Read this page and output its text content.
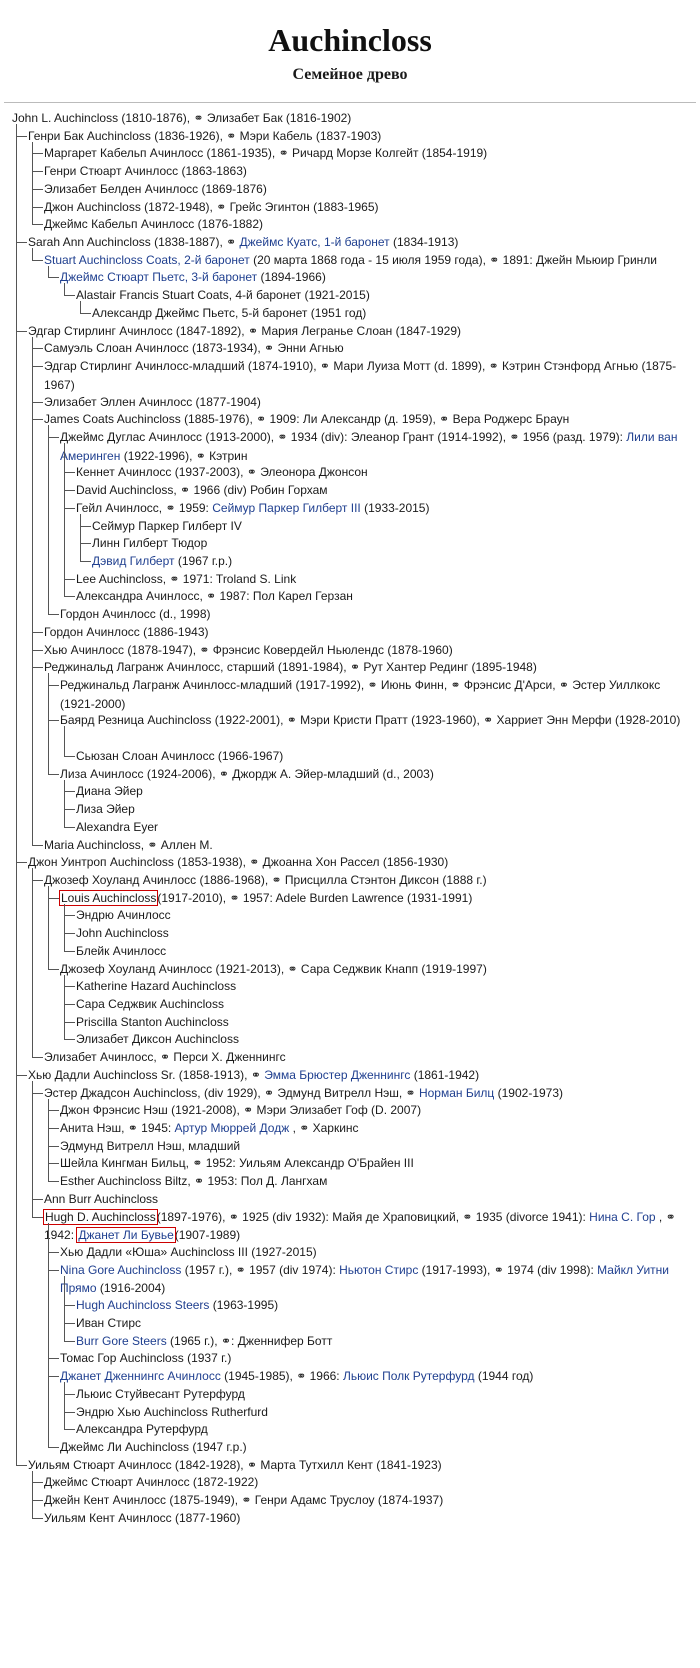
Auchincloss
Семейное древо
John L. Auchincloss (1810-1876), ⚭ Элизабет Бак (1816-1902)
Генри Бак Auchincloss (1836-1926), ⚭ Мэри Кабель (1837-1903)
Маргарет Кабельп Ачинлосс (1861-1935), ⚭ Ричард Морзе Колгейт (1854-1919)
Генри Стюарт Ачинлосс (1863-1863)
Элизабет Белден Ачинлосс (1869-1876)
Джон Auchincloss (1872-1948), ⚭ Грейс Эгинтон (1883-1965)
Джеймс Кабельп Ачинлосс (1876-1882)
Sarah Ann Auchincloss (1838-1887), ⚭ Джеймс Куатс, 1-й баронет (1834-1913)
Stuart Auchincloss Coats, 2-й баронет (20 марта 1868 года - 15 июля 1959 года), ⚭ 1891: Джейн Мьюир Гринли
Джеймс Стюарт Пьетс, 3-й баронет (1894-1966)
Alastair Francis Stuart Coats, 4-й баронет (1921-2015)
Александр Джеймс Пьетс, 5-й баронет (1951 год)
Эдгар Стирлинг Ачинлосс (1847-1892), ⚭ Мария Легранье Слоан (1847-1929)
Самуэль Слоан Ачинлосс (1873-1934), ⚭ Энни Агнью
Эдгар Стирлинг Ачинлосс-младший (1874-1910), ⚭ Мари Луиза Мотт (d. 1899), ⚭ Кэтрин Стэнфорд Агнью (1875-1967)
Элизабет Эллен Ачинлосс (1877-1904)
James Coats Auchincloss (1885-1976), ⚭ 1909: Ли Александр (д. 1959), ⚭ Вера Роджерс Браун
Джеймс Дуглас Ачинлосс (1913-2000), ⚭ 1934 (div): Элеанор Грант (1914-1992), ⚭ 1956 (разд. 1979): Лили ван Америнген (1922-1996), ⚭ Кэтрин
Кеннет Ачинлосс (1937-2003), ⚭ Элеонора Джонсон
David Auchincloss, ⚭ 1966 (div) Робин Горхам
Гейл Ачинлосс, ⚭ 1959: Сеймур Паркер Гилберт III (1933-2015)
Сеймур Паркер Гилберт IV
Линн Гилберт Тюдор
Дэвид Гилберт (1967 г.р.)
Lee Auchincloss, ⚭ 1971: Troland S. Link
Александра Ачинлосс, ⚭ 1987: Пол Карел Герзан
Гордон Ачинлосс (d., 1998)
Гордон Ачинлосс (1886-1943)
Хью Ачинлосс (1878-1947), ⚭ Фрэнсис Ковердейл Ньюлендс (1878-1960)
Реджинальд Лагранж Ачинлосс, старший (1891-1984), ⚭ Рут Хантер Рединг (1895-1948)
Реджинальд Лагранж Ачинлосс-младший (1917-1992), ⚭ Июнь Финн, ⚭ Фрэнсис Д'Арси, ⚭ Эстер Уиллкокс (1921-2000)
Баярд Резница Auchincloss (1922-2001), ⚭ Мэри Кристи Пратт (1923-1960), ⚭ Харриет Энн Мерфи (1928-2010)
Сьюзан Слоан Ачинлосс (1966-1967)
Лиза Ачинлосс (1924-2006), ⚭ Джордж А. Эйер-младший (d., 2003)
Диана Эйер
Лиза Эйер
Alexandra Eyer
Maria Auchincloss, ⚭ Аллен М.
Джон Уинтроп Auchincloss (1853-1938), ⚭ Джоанна Хон Рассел (1856-1930)
Джозеф Хоуланд Ачинлосс (1886-1968), ⚭ Присцилла Стэнтон Диксон (1888 г.)
Louis Auchincloss(1917-2010), ⚭ 1957: Adele Burden Lawrence (1931-1991)
Эндрю Ачинлосс
John Auchincloss
Блейк Ачинлосс
Джозеф Хоуланд Ачинлосс (1921-2013), ⚭ Сара Седжвик Кнапп (1919-1997)
Katherine Hazard Auchincloss
Сара Седжвик Auchincloss
Priscilla Stanton Auchincloss
Элизабет Диксон Auchincloss
Элизабет Ачинлосс, ⚭ Перси Х. Дженнингс
Хью Дадли Auchincloss Sr. (1858-1913), ⚭ Эмма Брюстер Дженнингс (1861-1942)
Эстер Джадсон Auchincloss, (div 1929), ⚭ Эдмунд Витрелл Нэш, ⚭ Норман Билц (1902-1973)
Джон Фрэнсис Нэш (1921-2008), ⚭ Мэри Элизабет Гоф (D. 2007)
Анита Нэш, ⚭ 1945: Артур Мюррей Додж , ⚭ Харкинс
Эдмунд Витрелл Нэш, младший
Шейла Кингман Бильц, ⚭ 1952: Уильям Александр О'Брайен III
Esther Auchincloss Biltz, ⚭ 1953: Пол Д. Лангхам
Ann Burr Auchincloss
Hugh D. Auchincloss(1897-1976), ⚭ 1925 (div 1932): Майя де Храповицкий, ⚭ 1935 (divorce 1941): Нина С. Гор , ⚭ 1942: Джанет Ли Бувье(1907-1989)
Хью Дадли «Юша» Auchincloss III (1927-2015)
Nina Gore Auchincloss (1957 г.), ⚭ 1957 (div 1974): Ньютон Стирс (1917-1993), ⚭ 1974 (div 1998): Майкл Уитни Прямо (1916-2004)
Hugh Auchincloss Steers (1963-1995)
Иван Стирс
Burr Gore Steers (1965 г.), ⚭: Дженнифер Ботт
Томас Гор Auchincloss (1937 г.)
Джанет Дженнингс Ачинлосс (1945-1985), ⚭ 1966: Льюис Полк Рутерфурд (1944 год)
Льюис Стуйвесант Рутерфурд
Эндрю Хью Auchincloss Rutherfurd
Александра Рутерфурд
Джеймс Ли Auchincloss (1947 г.р.)
Уильям Стюарт Ачинлосс (1842-1928), ⚭ Марта Тутхилл Кент (1841-1923)
Джеймс Стюарт Ачинлосс (1872-1922)
Джейн Кент Ачинлосс (1875-1949), ⚭ Генри Адамс Труслоу (1874-1937)
Уильям Кент Ачинлосс (1877-1960)
